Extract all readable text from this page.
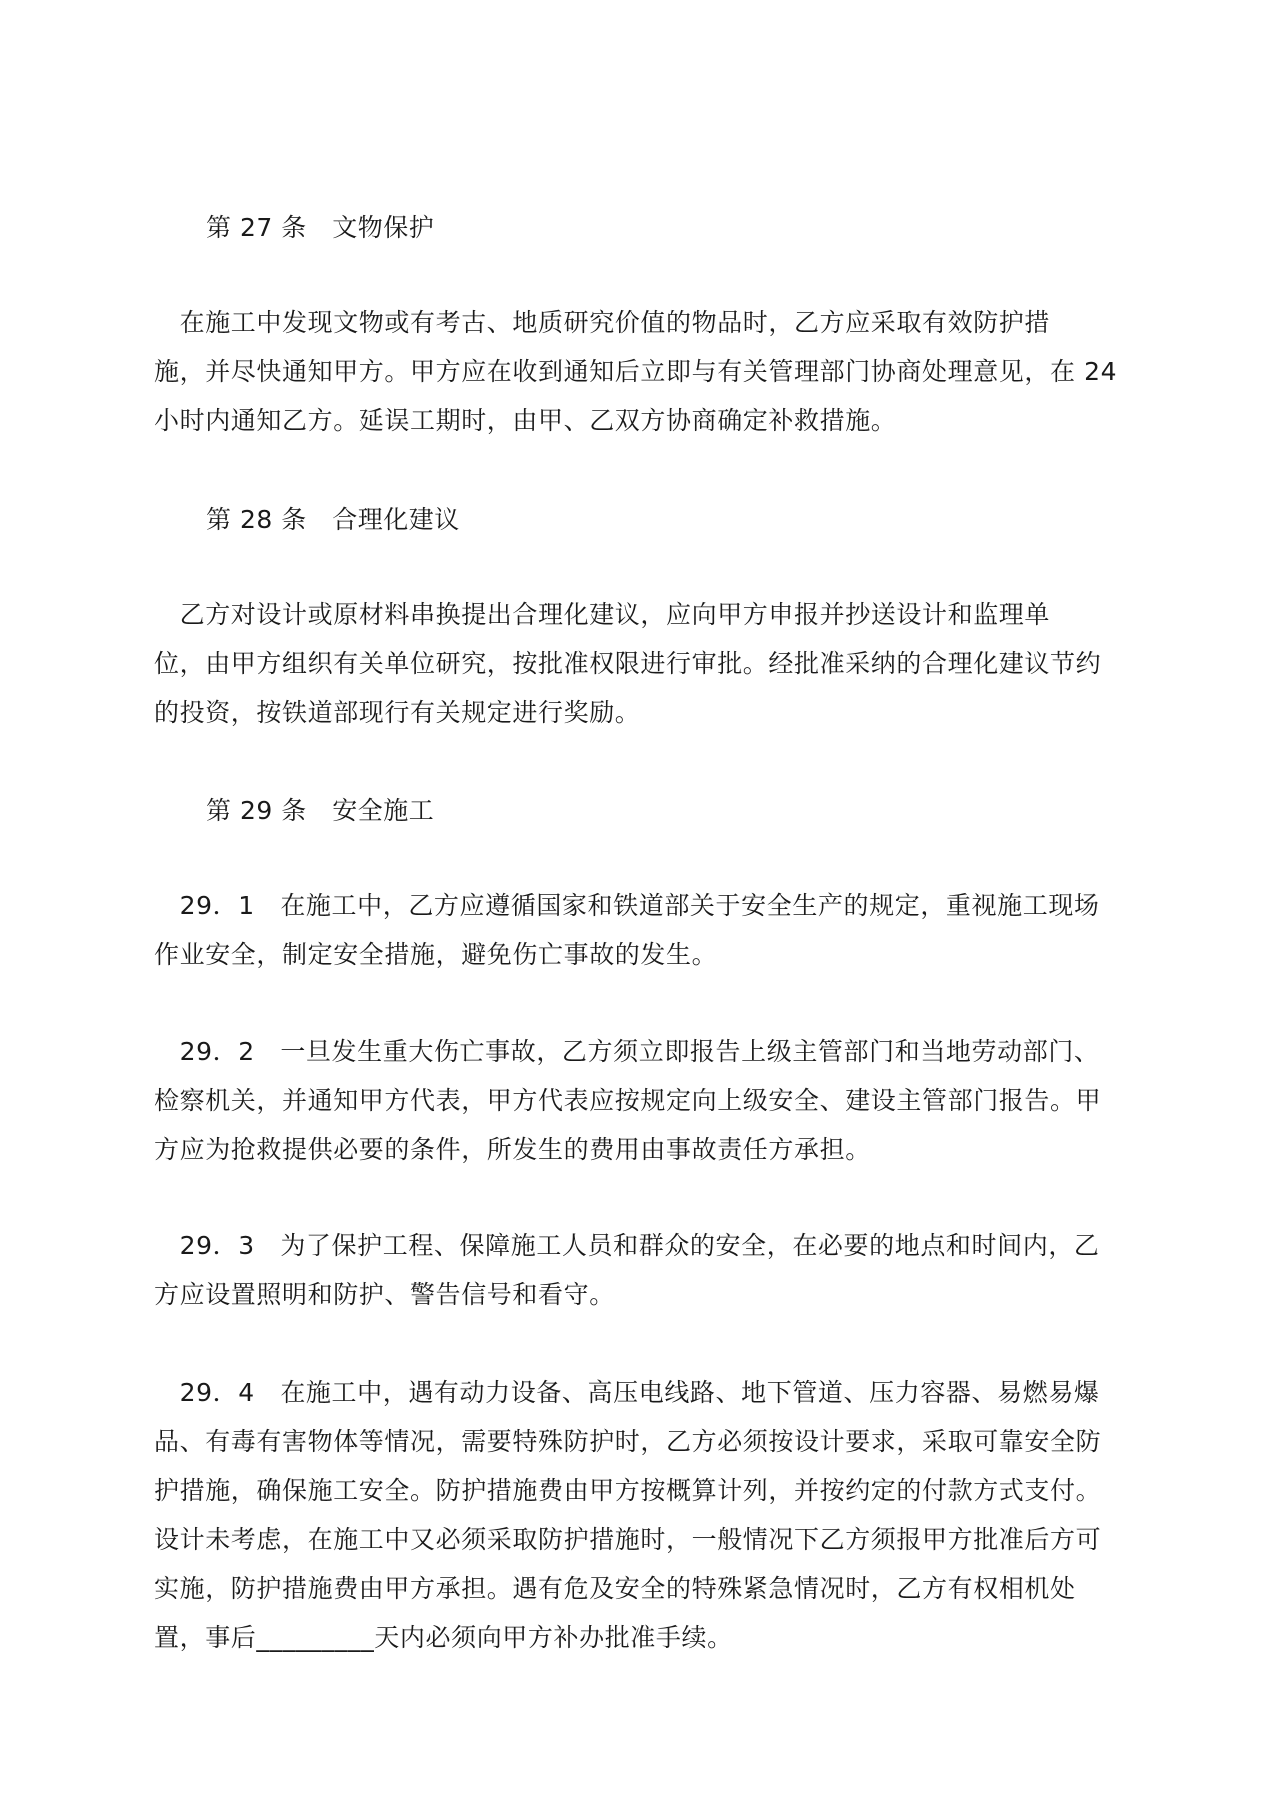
第 27 条　文物保护
　在施工中发现文物或有考古、地质研究价值的物品时，乙方应采取有效防护措
施，并尽快通知甲方。甲方应在收到通知后立即与有关管理部门协商处理意见，在 24
小时内通知乙方。延误工期时，由甲、乙双方协商确定补救措施。
第 28 条　合理化建议
　乙方对设计或原材料串换提出合理化建议，应向甲方申报并抄送设计和监理单
位，由甲方组织有关单位研究，按批准权限进行审批。经批准采纳的合理化建议节约
的投资，按铁道部现行有关规定进行奖励。
第 29 条　安全施工
　29．1　在施工中，乙方应遵循国家和铁道部关于安全生产的规定，重视施工现场
作业安全，制定安全措施，避免伤亡事故的发生。
　29．2　一旦发生重大伤亡事故，乙方须立即报告上级主管部门和当地劳动部门、
检察机关，并通知甲方代表，甲方代表应按规定向上级安全、建设主管部门报告。甲
方应为抢救提供必要的条件，所发生的费用由事故责任方承担。
　29．3　为了保护工程、保障施工人员和群众的安全，在必要的地点和时间内，乙
方应设置照明和防护、警告信号和看守。
　29．4　在施工中，遇有动力设备、高压电线路、地下管道、压力容器、易燃易爆
品、有毒有害物体等情况，需要特殊防护时，乙方必须按设计要求，采取可靠安全防
护措施，确保施工安全。防护措施费由甲方按概算计列，并按约定的付款方式支付。
设计未考虑，在施工中又必须采取防护措施时，一般情况下乙方须报甲方批准后方可
实施，防护措施费由甲方承担。遇有危及安全的特殊紧急情况时，乙方有权相机处
置，事后_________天内必须向甲方补办批准手续。
